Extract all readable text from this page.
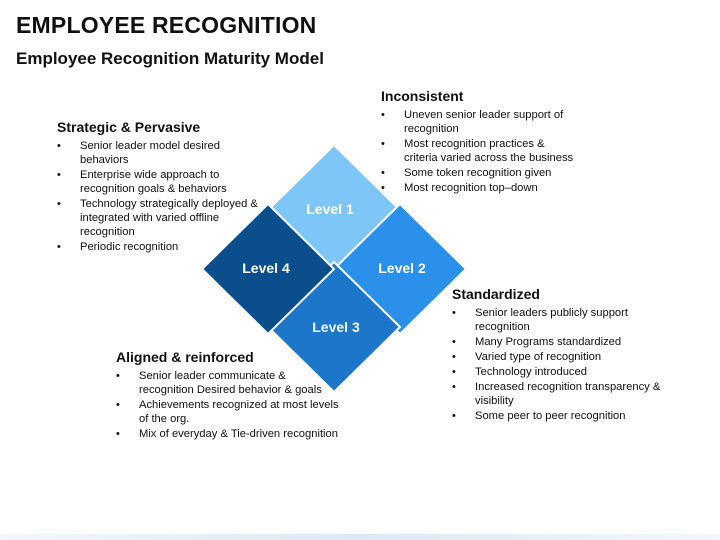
EMPLOYEE RECOGNITION
Employee Recognition Maturity Model
Level 1
Level 2
Level 3
Level 4
Strategic & Pervasive
• Senior leader model desired behaviors
• Enterprise wide approach to recognition goals & behaviors
• Technology strategically deployed & integrated with varied offline recognition
• Periodic recognition
Inconsistent
• Uneven senior leader support of recognition
• Most recognition practices & criteria varied across the business
• Some token recognition given
• Most recognition top–down
Standardized
• Senior leaders publicly support recognition
• Many Programs standardized
• Varied type of recognition
• Technology introduced
• Increased recognition transparency & visibility
• Some peer to peer recognition
Aligned & reinforced
• Senior leader communicate & recognition Desired behavior & goals
• Achievements recognized at most levels of the org.
• Mix of everyday & Tie-driven recognition
